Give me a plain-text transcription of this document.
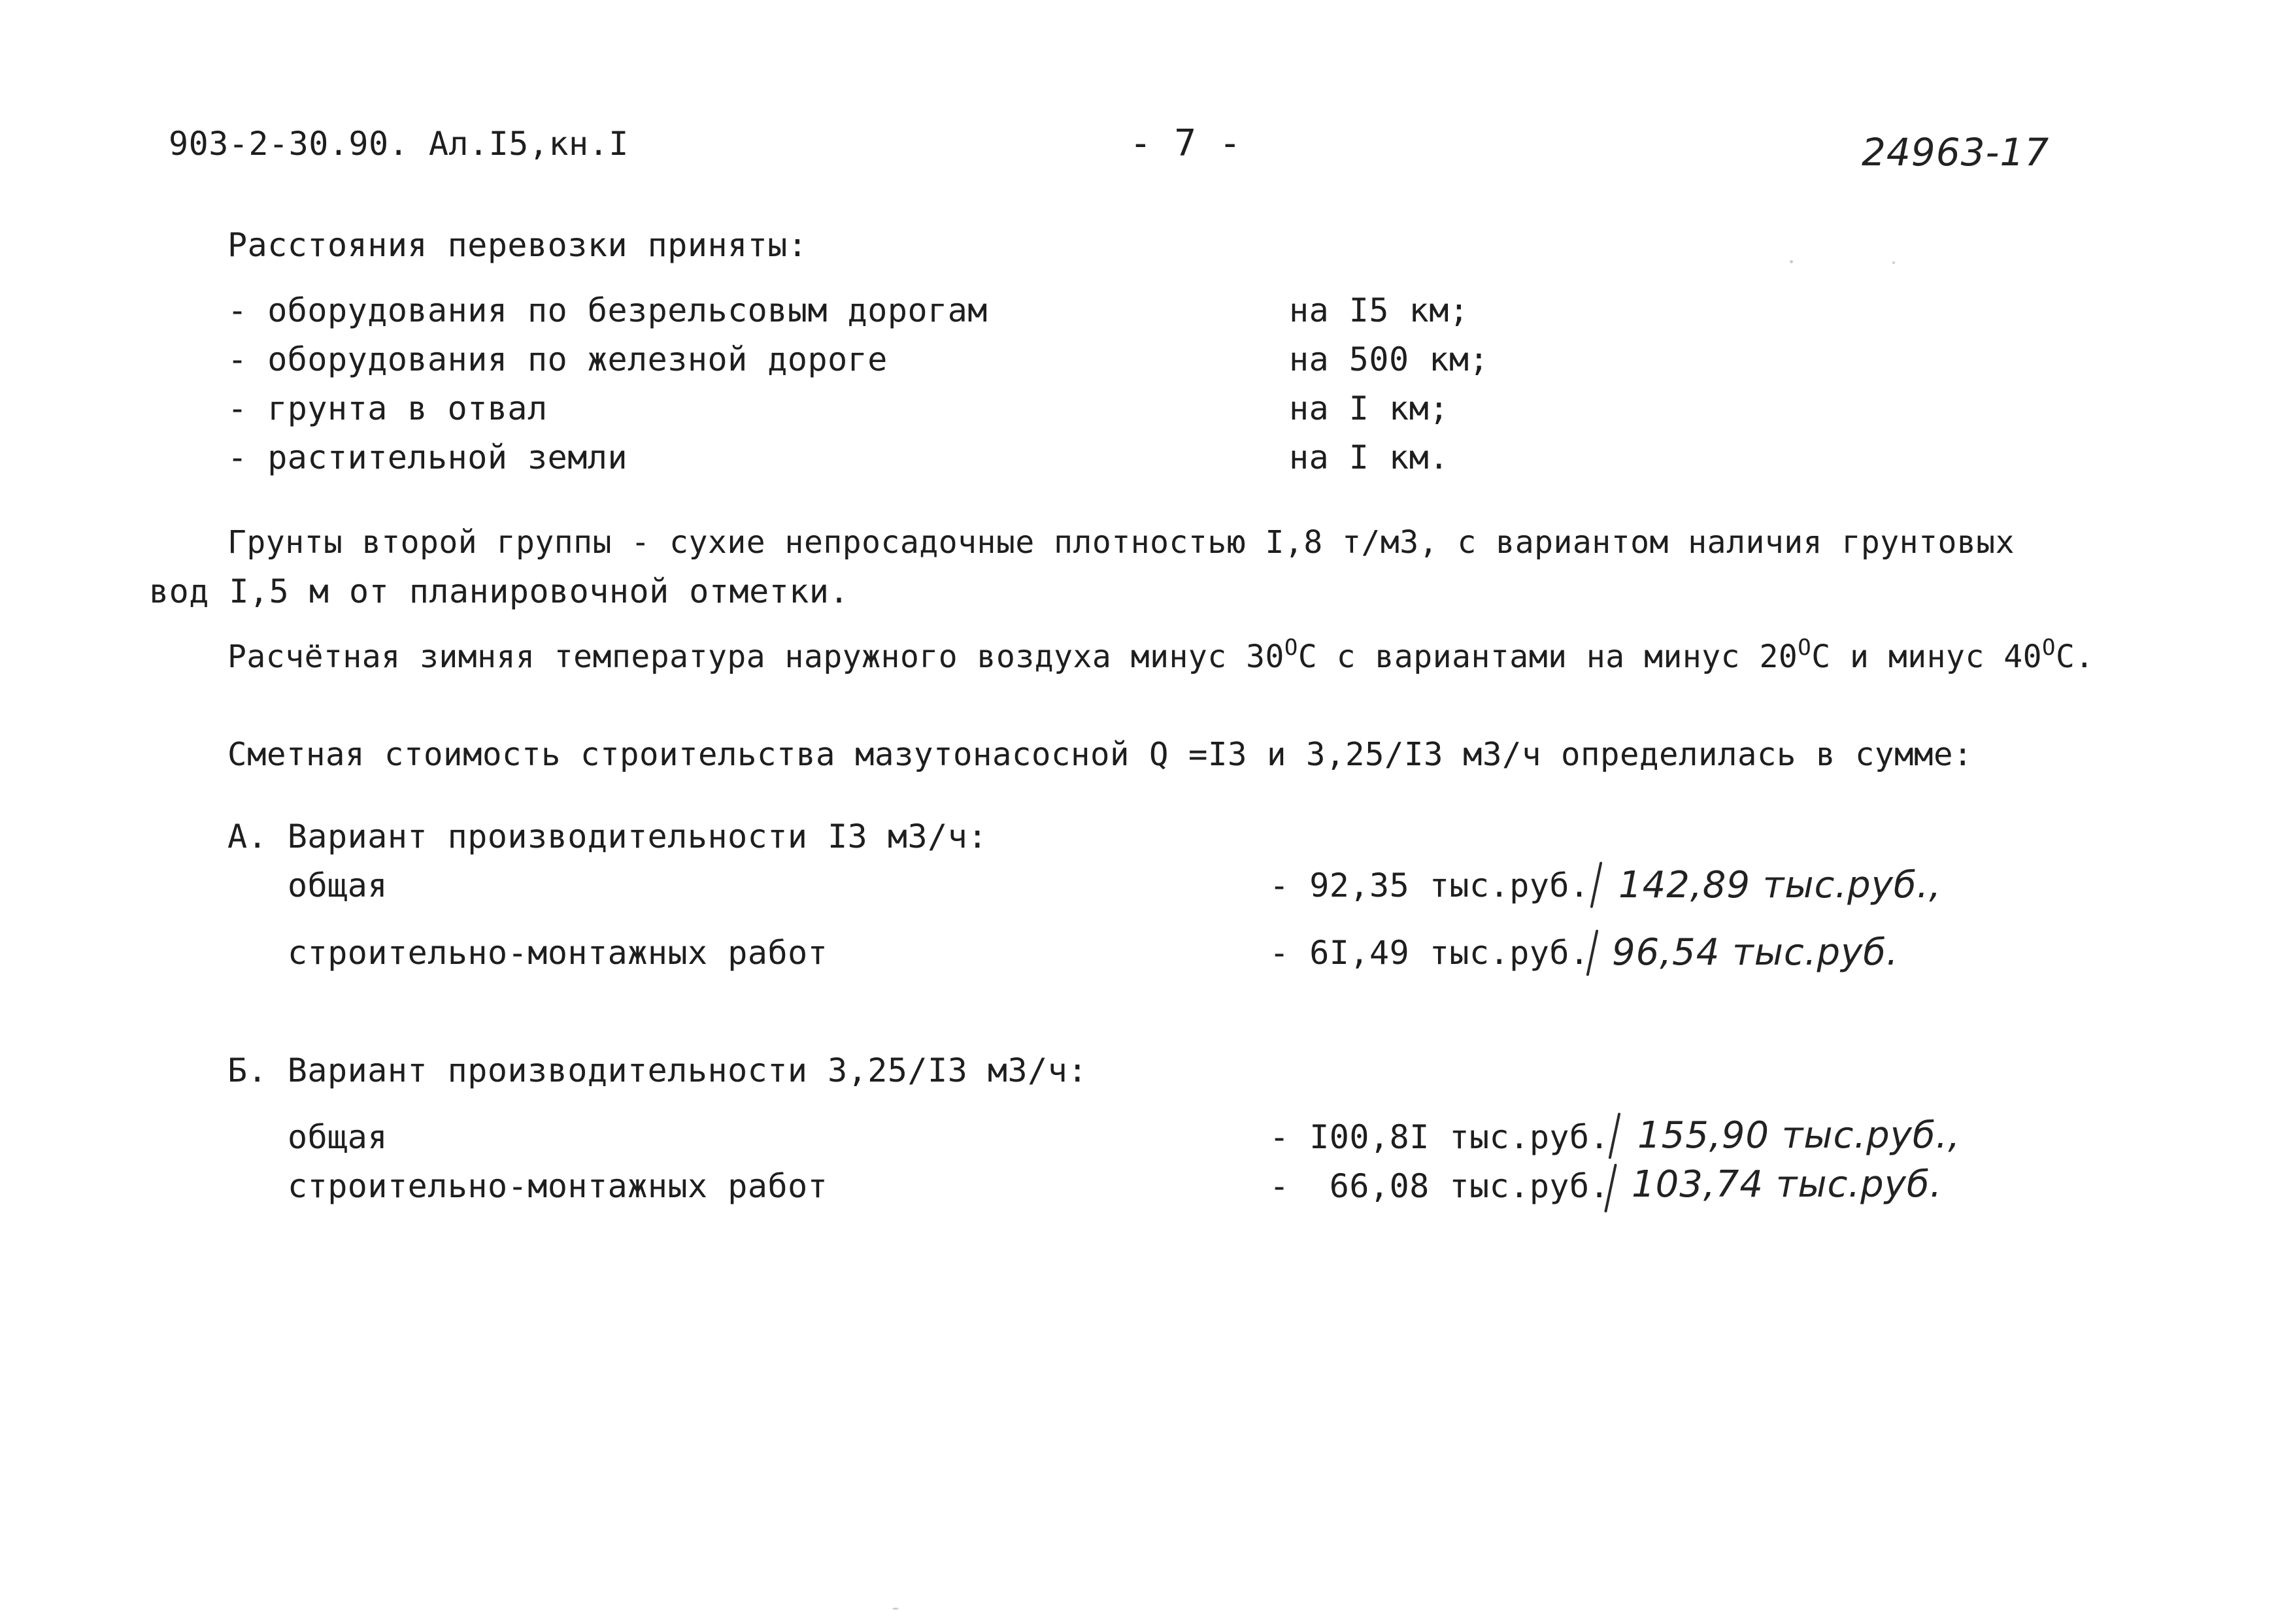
903-2-30.90. Ал.I5,кн.I	- 7 -	24963-17
Расстояния перевозки приняты:
- оборудования по безрельсовым дорогам	на I5 км;
- оборудования по железной дороге	на 500 км;
- грунта в отвал	на I км;
- растительной земли	на I км.
Грунты второй группы - сухие непросадочные плотностью I,8 т/м3, с вариантом наличия грунтовых
вод I,5 м от планировочной отметки.
Расчётная зимняя температура наружного воздуха минус $30^ОС$ с вариантами на минус $20^ОС$ и минус $40^ОС$.
Сметная стоимость строительства мазутонасосной Q =I3 и 3,25/I3 м3/ч определилась в сумме:
А. Вариант производительности I3 м3/ч:
общая	- 92,35 тыс.руб. 142,89 тыс.руб.,
строительно-монтажных работ	- 6I,49 тыс.руб. 96,54 тыс.руб.
Б. Вариант производительности 3,25/I3 м3/ч:
общая	- I00,8I тыс.руб. 155,90 тыс.руб.,
строительно-монтажных работ	-  66,08 тыс.руб. 103,74 тыс.руб.
